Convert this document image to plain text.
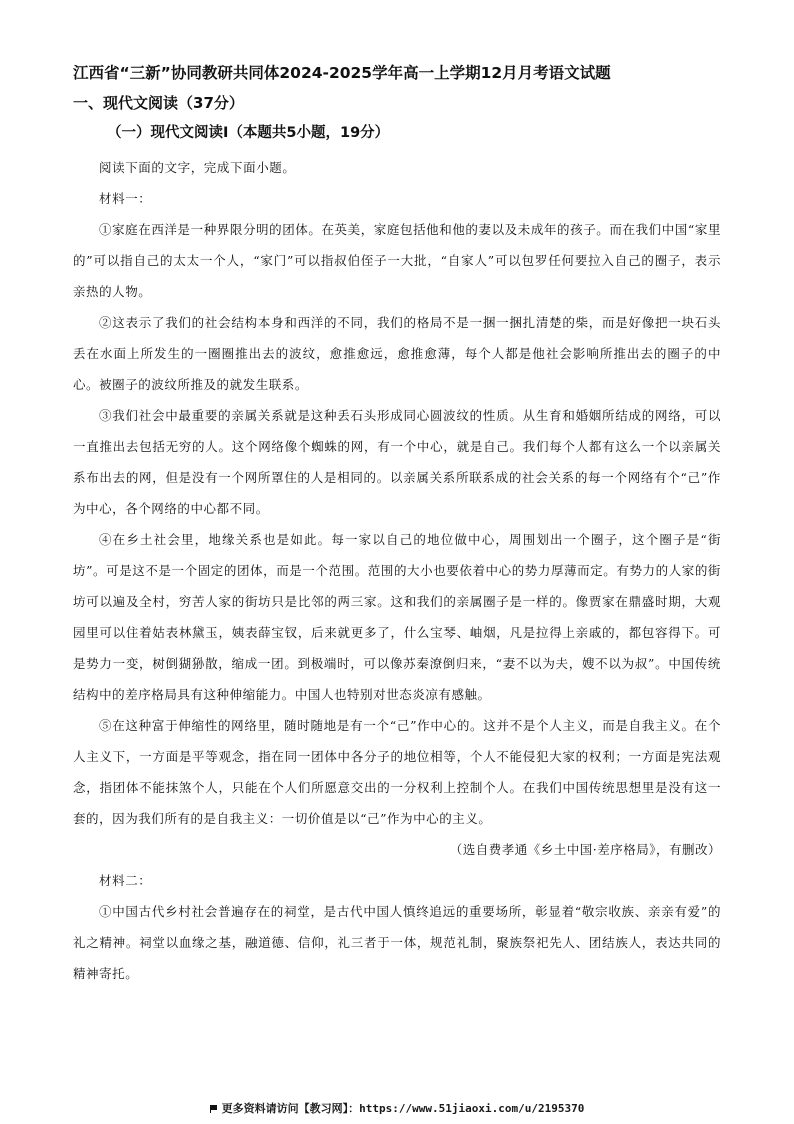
江西省“三新”协同教研共同体2024-2025学年高一上学期12月月考语文试题
一、现代文阅读（37分）
（一）现代文阅读Ⅰ（本题共5小题，19分）

阅读下面的文字，完成下面小题。

材料一：

①家庭在西洋是一种界限分明的团体。在英美，家庭包括他和他的妻以及未成年的孩子。而在我们中国“家里的”可以指自己的太太一个人，“家门”可以指叔伯侄子一大批，“自家人”可以包罗任何要拉入自己的圈子，表示亲热的人物。

②这表示了我们的社会结构本身和西洋的不同，我们的格局不是一捆一捆扎清楚的柴，而是好像把一块石头丢在水面上所发生的一圈圈推出去的波纹，愈推愈远，愈推愈薄，每个人都是他社会影响所推出去的圈子的中心。被圈子的波纹所推及的就发生联系。

③我们社会中最重要的亲属关系就是这种丢石头形成同心圆波纹的性质。从生育和婚姻所结成的网络，可以一直推出去包括无穷的人。这个网络像个蜘蛛的网，有一个中心，就是自己。我们每个人都有这么一个以亲属关系布出去的网，但是没有一个网所罩住的人是相同的。以亲属关系所联系成的社会关系的每一个网络有个“己”作为中心，各个网络的中心都不同。

④在乡土社会里，地缘关系也是如此。每一家以自己的地位做中心，周围划出一个圈子，这个圈子是“街坊”。可是这不是一个固定的团体，而是一个范围。范围的大小也要依着中心的势力厚薄而定。有势力的人家的街坊可以遍及全村，穷苦人家的街坊只是比邻的两三家。这和我们的亲属圈子是一样的。像贾家在鼎盛时期，大观园里可以住着姑表林黛玉，姨表薛宝钗，后来就更多了，什么宝琴、岫烟，凡是拉得上亲戚的，都包容得下。可是势力一变，树倒猢狲散，缩成一团。到极端时，可以像苏秦潦倒归来，“妻不以为夫，嫂不以为叔”。中国传统结构中的差序格局具有这种伸缩能力。中国人也特别对世态炎凉有感触。

⑤在这种富于伸缩性的网络里，随时随地是有一个“己”作中心的。这并不是个人主义，而是自我主义。在个人主义下，一方面是平等观念，指在同一团体中各分子的地位相等，个人不能侵犯大家的权利；一方面是宪法观念，指团体不能抹煞个人，只能在个人们所愿意交出的一分权利上控制个人。在我们中国传统思想里是没有这一套的，因为我们所有的是自我主义：一切价值是以“己”作为中心的主义。

（选自费孝通《乡土中国·差序格局》，有删改）

材料二：

①中国古代乡村社会普遍存在的祠堂，是古代中国人慎终追远的重要场所，彰显着“敬宗收族、亲亲有爱”的礼之精神。祠堂以血缘之基，融道德、信仰，礼三者于一体，规范礼制，聚族祭祀先人、团结族人，表达共同的精神寄托。

更多资料请访问【教习网】：https://www.51jiaoxi.com/u/2195370
